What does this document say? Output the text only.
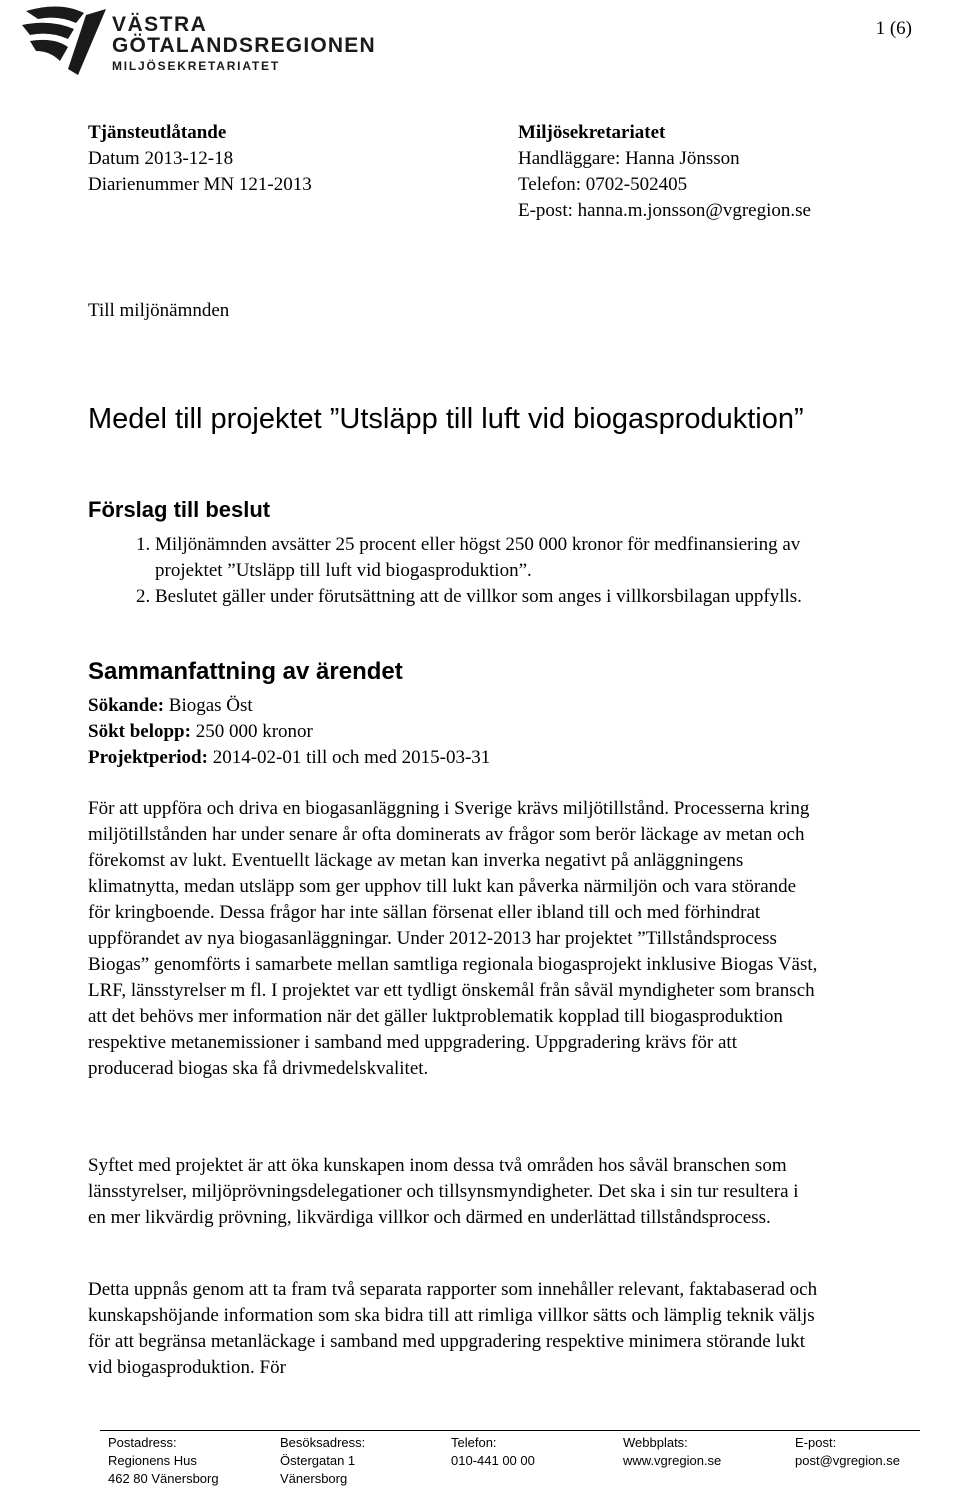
VÄSTRA
GÖTALANDSREGIONEN
MILJÖSEKRETARIATET
1 (6)
Tjänsteutlåtande
Datum 2013-12-18
Diarienummer MN 121-2013
Miljösekretariatet
Handläggare: Hanna Jönsson
Telefon: 0702-502405
E-post: hanna.m.jonsson@vgregion.se
Till miljönämnden
Medel till projektet ”Utsläpp till luft vid biogasproduktion”
Förslag till beslut
1. Miljönämnden avsätter 25 procent eller högst 250 000 kronor för medfinansiering av projektet ”Utsläpp till luft vid biogasproduktion”.
2. Beslutet gäller under förutsättning att de villkor som anges i villkorsbilagan uppfylls.
Sammanfattning av ärendet
Sökande: Biogas Öst
Sökt belopp: 250 000 kronor
Projektperiod: 2014-02-01 till och med 2015-03-31

För att uppföra och driva en biogasanläggning i Sverige krävs miljötillstånd. Processerna kring miljötillstånden har under senare år ofta dominerats av frågor som berör läckage av metan och förekomst av lukt. Eventuellt läckage av metan kan inverka negativt på anläggningens klimatnytta, medan utsläpp som ger upphov till lukt kan påverka närmiljön och vara störande för kringboende. Dessa frågor har inte sällan försenat eller ibland till och med förhindrat uppförandet av nya biogasanläggningar. Under 2012-2013 har projektet ”Tillståndsprocess Biogas” genomförts i samarbete mellan samtliga regionala biogasprojekt inklusive Biogas Väst, LRF, länsstyrelser m fl. I projektet var ett tydligt önskemål från såväl myndigheter som bransch att det behövs mer information när det gäller luktproblematik kopplad till biogasproduktion respektive metanemissioner i samband med uppgradering. Uppgradering krävs för att producerad biogas ska få drivmedelskvalitet.

Syftet med projektet är att öka kunskapen inom dessa två områden hos såväl branschen som länsstyrelser, miljöprövningsdelegationer och tillsynsmyndigheter. Det ska i sin tur resultera i en mer likvärdig prövning, likvärdiga villkor och därmed en underlättad tillståndsprocess.

Detta uppnås genom att ta fram två separata rapporter som innehåller relevant, faktabaserad och kunskapshöjande information som ska bidra till att rimliga villkor sätts och lämplig teknik väljs för att begränsa metanläckage i samband med uppgradering respektive minimera störande lukt vid biogasproduktion. För

Postadress:
Regionens Hus
462 80 Vänersborg
Besöksadress:
Östergatan 1
Vänersborg
Telefon:
010-441 00 00
Webbplats:
www.vgregion.se
E-post:
post@vgregion.se
